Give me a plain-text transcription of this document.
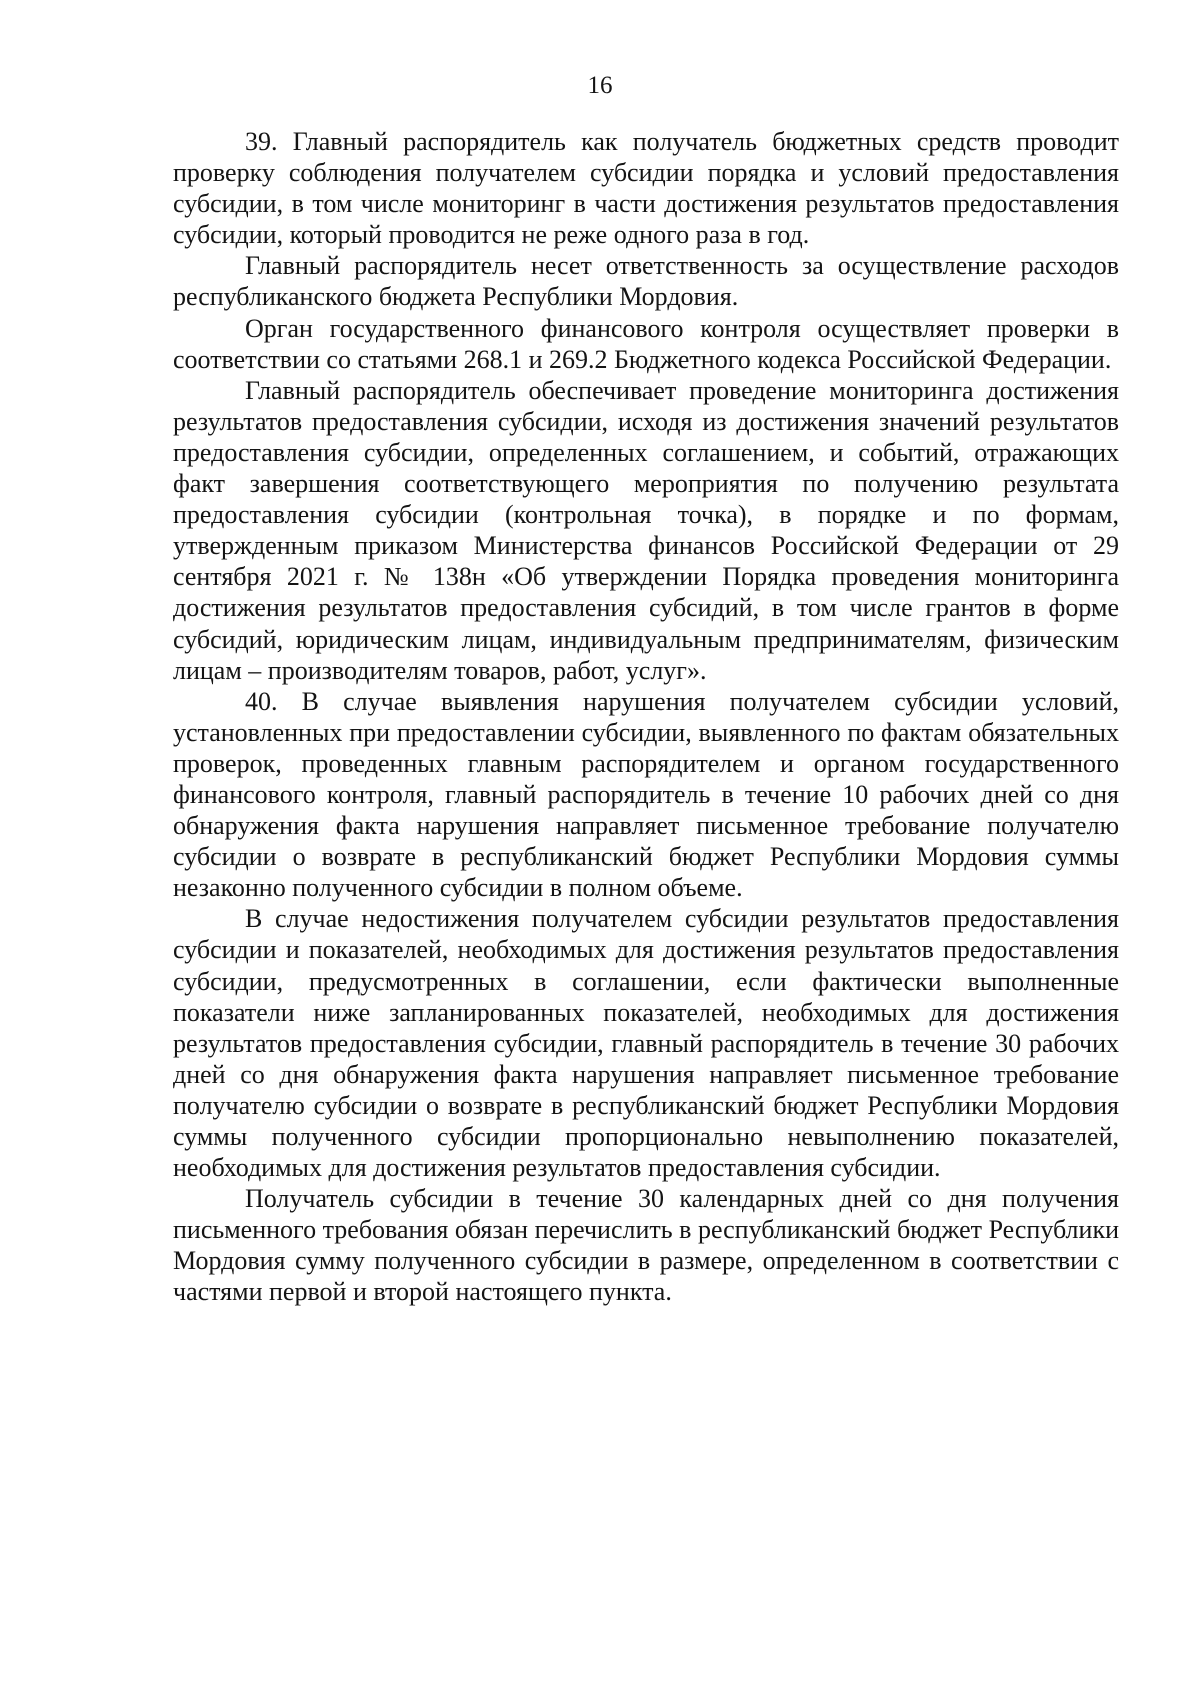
16

39. Главный распорядитель как получатель бюджетных средств проводит проверку соблюдения получателем субсидии порядка и условий предоставления субсидии, в том числе мониторинг в части достижения результатов предоставления субсидии, который проводится не реже одного раза в год.

Главный распорядитель несет ответственность за осуществление расходов республиканского бюджета Республики Мордовия.

Орган государственного финансового контроля осуществляет проверки в соответствии со статьями 268.1 и 269.2 Бюджетного кодекса Российской Федерации.

Главный распорядитель обеспечивает проведение мониторинга достижения результатов предоставления субсидии, исходя из достижения значений результатов предоставления субсидии, определенных соглашением, и событий, отражающих факт завершения соответствующего мероприятия по получению результата предоставления субсидии (контрольная точка), в порядке и по формам, утвержденным приказом Министерства финансов Российской Федерации от 29 сентября 2021 г. № 138н «Об утверждении Порядка проведения мониторинга достижения результатов предоставления субсидий, в том числе грантов в форме субсидий, юридическим лицам, индивидуальным предпринимателям, физическим лицам – производителям товаров, работ, услуг».

40. В случае выявления нарушения получателем субсидии условий, установленных при предоставлении субсидии, выявленного по фактам обязательных проверок, проведенных главным распорядителем и органом государственного финансового контроля, главный распорядитель в течение 10 рабочих дней со дня обнаружения факта нарушения направляет письменное требование получателю субсидии о возврате в республиканский бюджет Республики Мордовия суммы незаконно полученного субсидии в полном объеме.

В случае недостижения получателем субсидии результатов предоставления субсидии и показателей, необходимых для достижения результатов предоставления субсидии, предусмотренных в соглашении, если фактически выполненные показатели ниже запланированных показателей, необходимых для достижения результатов предоставления субсидии, главный распорядитель в течение 30 рабочих дней со дня обнаружения факта нарушения направляет письменное требование получателю субсидии о возврате в республиканский бюджет Республики Мордовия суммы полученного субсидии пропорционально невыполнению показателей, необходимых для достижения результатов предоставления субсидии.

Получатель субсидии в течение 30 календарных дней со дня получения письменного требования обязан перечислить в республиканский бюджет Республики Мордовия сумму полученного субсидии в размере, определенном в соответствии с частями первой и второй настоящего пункта.
